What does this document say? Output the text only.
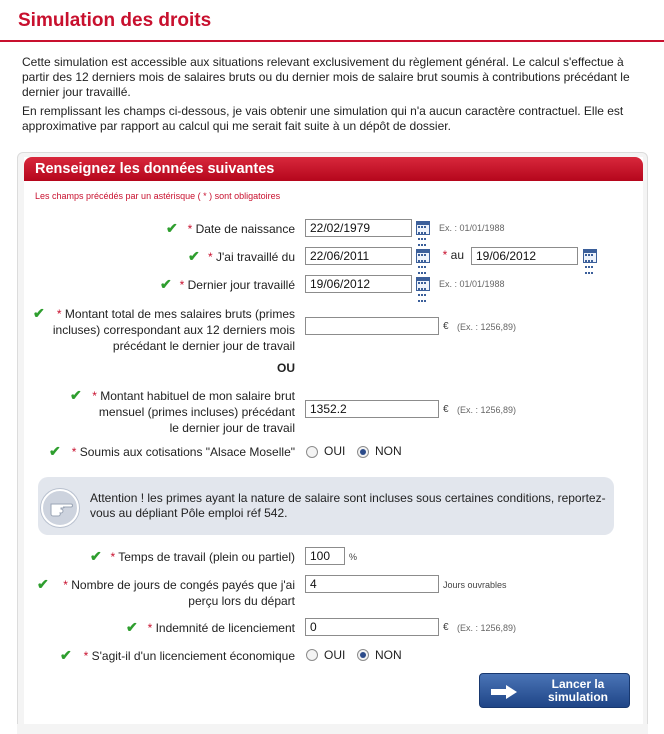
Simulation des droits
Cette simulation est accessible aux situations relevant exclusivement du règlement général. Le calcul s'effectue à partir des 12 derniers mois de salaires bruts ou du dernier mois de salaire brut soumis à contributions précédant le dernier jour travaillé.
En remplissant les champs ci-dessous, je vais obtenir une simulation qui n'a aucun caractère contractuel. Elle est approximative par rapport au calcul qui me serait fait suite à un dépôt de dossier.
Renseignez les données suivantes
Les champs précédés par un astérisque ( * ) sont obligatoires
✔ * Date de naissance
22/02/1979	Ex. : 01/01/1988
✔ * J'ai travaillé du
22/06/2011	* au
19/06/2012
✔ * Dernier jour travaillé
19/06/2012	Ex. : 01/01/1988
✔	* Montant total de mes salaires bruts (primes
incluses) correspondant aux 12 derniers mois
précédant le dernier jour de travail
€ (Ex. : 1256,89)
OU
✔ * Montant habituel de mon salaire brut
mensuel (primes incluses) précédant
le dernier jour de travail
1352.2
€ (Ex. : 1256,89)
✔ * Soumis aux cotisations "Alsace Moselle" OUI NON
Attention ! les primes ayant la nature de salaire sont incluses sous certaines conditions, reportez-vous au dépliant Pôle emploi réf 542.
✔ * Temps de travail (plein ou partiel)
100	%
✔	* Nombre de jours de congés payés que j'ai
perçu lors du départ
4
Jours ouvrables
✔ * Indemnité de licenciement
0	€ (Ex. : 1256,89)
✔ * S'agit-il d'un licenciement économique OUI NON
Lancer la
simulation
